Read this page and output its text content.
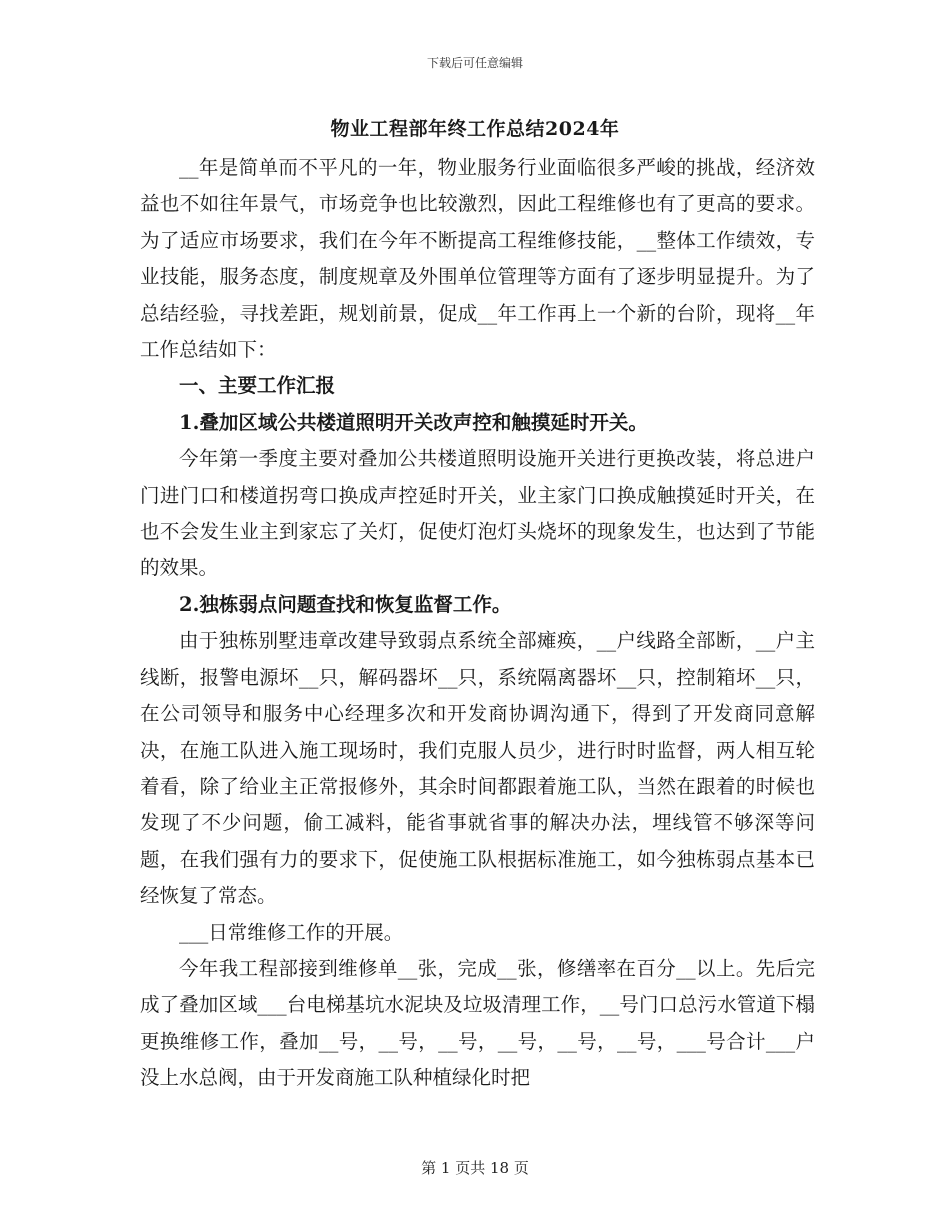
下载后可任意编辑
物业工程部年终工作总结2024年

__年是简单而不平凡的一年，物业服务行业面临很多严峻的挑战，经济效益也不如往年景气，市场竞争也比较激烈，因此工程维修也有了更高的要求。为了适应市场要求，我们在今年不断提高工程维修技能，__整体工作绩效，专业技能，服务态度，制度规章及外围单位管理等方面有了逐步明显提升。为了总结经验，寻找差距，规划前景，促成__年工作再上一个新的台阶，现将__年工作总结如下：

一、主要工作汇报

1.叠加区域公共楼道照明开关改声控和触摸延时开关。

今年第一季度主要对叠加公共楼道照明设施开关进行更换改装，将总进户门进门口和楼道拐弯口换成声控延时开关，业主家门口换成触摸延时开关，在也不会发生业主到家忘了关灯，促使灯泡灯头烧坏的现象发生，也达到了节能的效果。

2.独栋弱点问题查找和恢复监督工作。

由于独栋别墅违章改建导致弱点系统全部瘫痪，__户线路全部断，__户主线断，报警电源坏__只，解码器坏__只，系统隔离器坏__只，控制箱坏__只，在公司领导和服务中心经理多次和开发商协调沟通下，得到了开发商同意解决，在施工队进入施工现场时，我们克服人员少，进行时时监督，两人相互轮着看，除了给业主正常报修外，其余时间都跟着施工队，当然在跟着的时候也发现了不少问题，偷工减料，能省事就省事的解决办法，埋线管不够深等问题，在我们强有力的要求下，促使施工队根据标准施工，如今独栋弱点基本已经恢复了常态。

___日常维修工作的开展。

今年我工程部接到维修单__张，完成__张，修缮率在百分__以上。先后完成了叠加区域___台电梯基坑水泥块及垃圾清理工作，__号门口总污水管道下榻更换维修工作，叠加__号，__号，__号，__号，__号，__号，___号合计___户没上水总阀，由于开发商施工队种植绿化时把

第 1 页共 18 页
